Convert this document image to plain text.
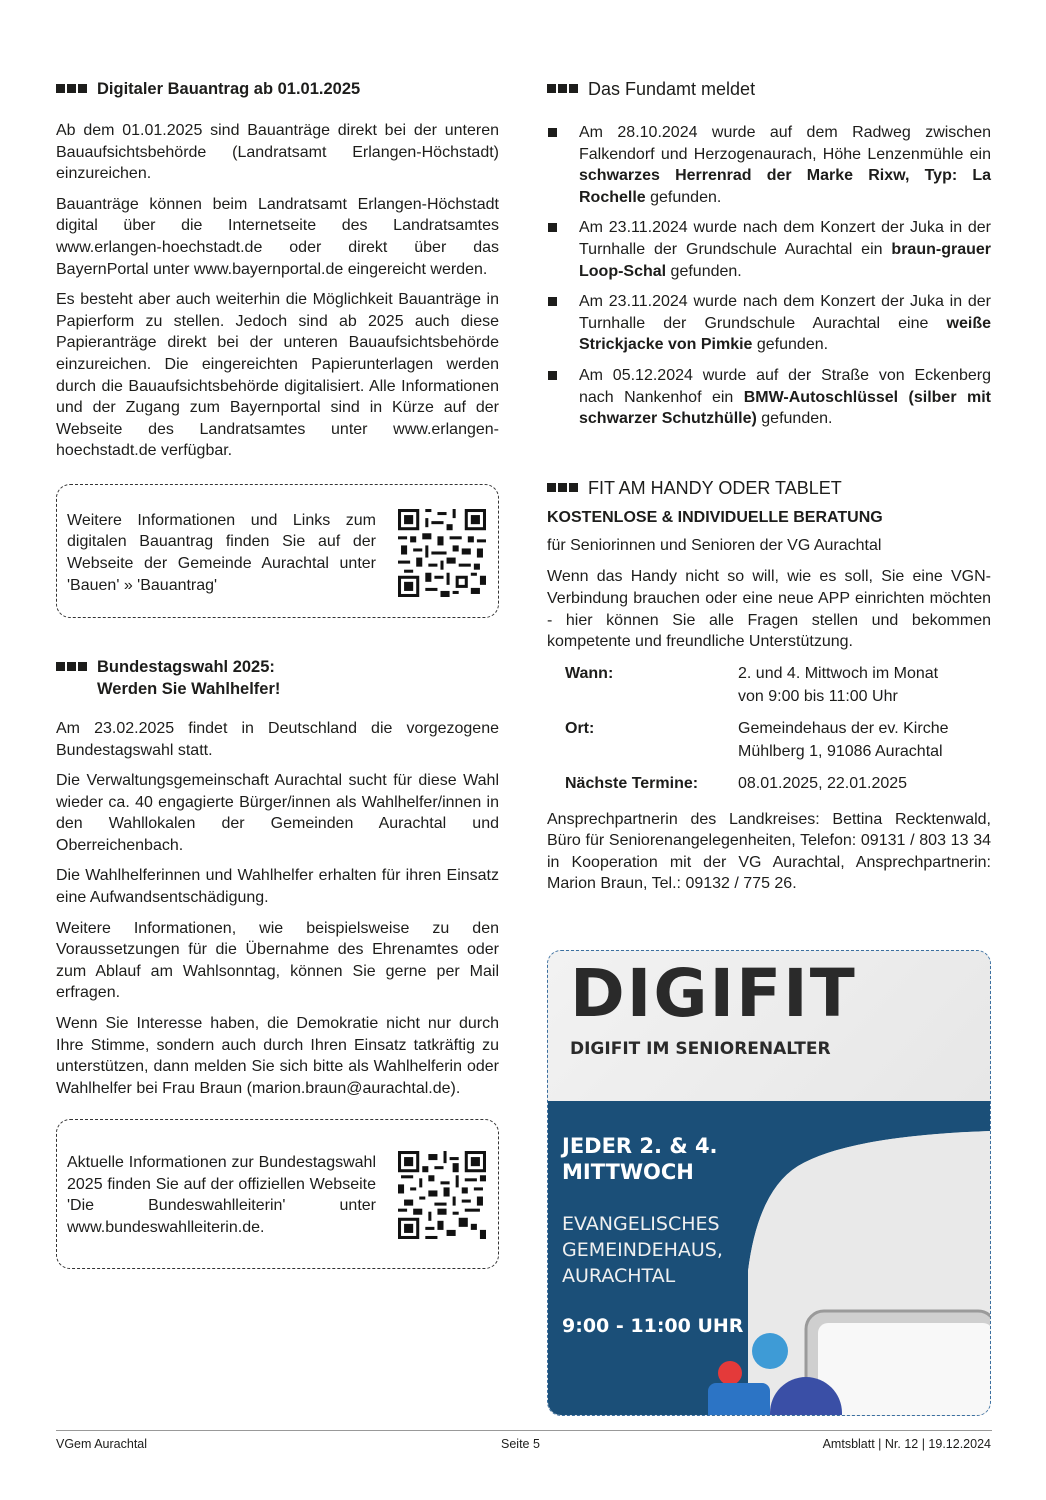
Digitaler Bauantrag ab 01.01.2025

Ab dem 01.01.2025 sind Bauanträge direkt bei der unteren Bauaufsichtsbehörde (Landratsamt Erlangen-Höchstadt) einzureichen.

Bauanträge können beim Landratsamt Erlangen-Höchstadt digital über die Internetseite des Landratsamtes www.erlangen-hoechstadt.de oder direkt über das BayernPortal unter www.bayernportal.de eingereicht werden.

Es besteht aber auch weiterhin die Möglichkeit Bauanträge in Papierform zu stellen. Jedoch sind ab 2025 auch diese Papieranträge direkt bei der unteren Bauaufsichtsbehörde einzureichen. Die eingereichten Papierunterlagen werden durch die Bauaufsichtsbehörde digitalisiert. Alle Informationen und der Zugang zum Bayernportal sind in Kürze auf der Webseite des Landratsamtes unter www.erlangen-hoechstadt.de verfügbar.

Weitere Informationen und Links zum digitalen Bauantrag finden Sie auf der Webseite der Gemeinde Aurachtal unter 'Bauen' » 'Bauantrag'

Bundestagswahl 2025:
Werden Sie Wahlhelfer!

Am 23.02.2025 findet in Deutschland die vorgezogene Bundestagswahl statt.

Die Verwaltungsgemeinschaft Aurachtal sucht für diese Wahl wieder ca. 40 engagierte Bürger/innen als Wahlhelfer/innen in den Wahllokalen der Gemeinden Aurachtal und Oberreichenbach.

Die Wahlhelferinnen und Wahlhelfer erhalten für ihren Einsatz eine Aufwandsentschädigung.

Weitere Informationen, wie beispielsweise zu den Voraussetzungen für die Übernahme des Ehrenamtes oder zum Ablauf am Wahlsonntag, können Sie gerne per Mail erfragen.

Wenn Sie Interesse haben, die Demokratie nicht nur durch Ihre Stimme, sondern auch durch Ihren Einsatz tatkräftig zu unterstützen, dann melden Sie sich bitte als Wahlhelferin oder Wahlhelfer bei Frau Braun (marion.braun@aurachtal.de).

Aktuelle Informationen zur Bundestagswahl 2025 finden Sie auf der offiziellen Webseite 'Die Bundeswahlleiterin' unter www.bundeswahlleiterin.de.

Das Fundamt meldet
Am 28.10.2024 wurde auf dem Radweg zwischen Falkendorf und Herzogenaurach, Höhe Lenzenmühle ein schwarzes Herrenrad der Marke Rixw, Typ: La Rochelle gefunden.
Am 23.11.2024 wurde nach dem Konzert der Juka in der Turnhalle der Grundschule Aurachtal ein braun-grauer Loop-Schal gefunden.
Am 23.11.2024 wurde nach dem Konzert der Juka in der Turnhalle der Grundschule Aurachtal eine weiße Strickjacke von Pimkie gefunden.
Am 05.12.2024 wurde auf der Straße von Eckenberg nach Nankenhof ein BMW-Autoschlüssel (silber mit schwarzer Schutzhülle) gefunden.
FIT AM HANDY ODER TABLET
KOSTENLOSE & INDIVIDUELLE BERATUNG

für Seniorinnen und Senioren der VG Aurachtal

Wenn das Handy nicht so will, wie es soll, Sie eine VGN-Verbindung brauchen oder eine neue APP einrichten möchten - hier können Sie alle Fragen stellen und bekommen kompetente und freundliche Unterstützung.

Wann:	2. und 4. Mittwoch im Monat
von 9:00 bis 11:00 Uhr
Ort:	Gemeindehaus der ev. Kirche
Mühlberg 1, 91086 Aurachtal
Nächste Termine:	08.01.2025, 22.01.2025

Ansprechpartnerin des Landkreises: Bettina Recktenwald, Büro für Seniorenangelegenheiten, Telefon: 09131 / 803 13 34 in Kooperation mit der VG Aurachtal, Ansprechpartnerin: Marion Braun, Tel.: 09132 / 775 26.

DIGIFIT
DIGIFIT IM SENIORENALTER
JEDER 2. & 4.
MITTWOCH
EVANGELISCHES
GEMEINDEHAUS,
AURACHTAL
9:00 - 11:00 UHR
VGem Aurachtal	Seite 5	Amtsblatt | Nr. 12 | 19.12.2024
